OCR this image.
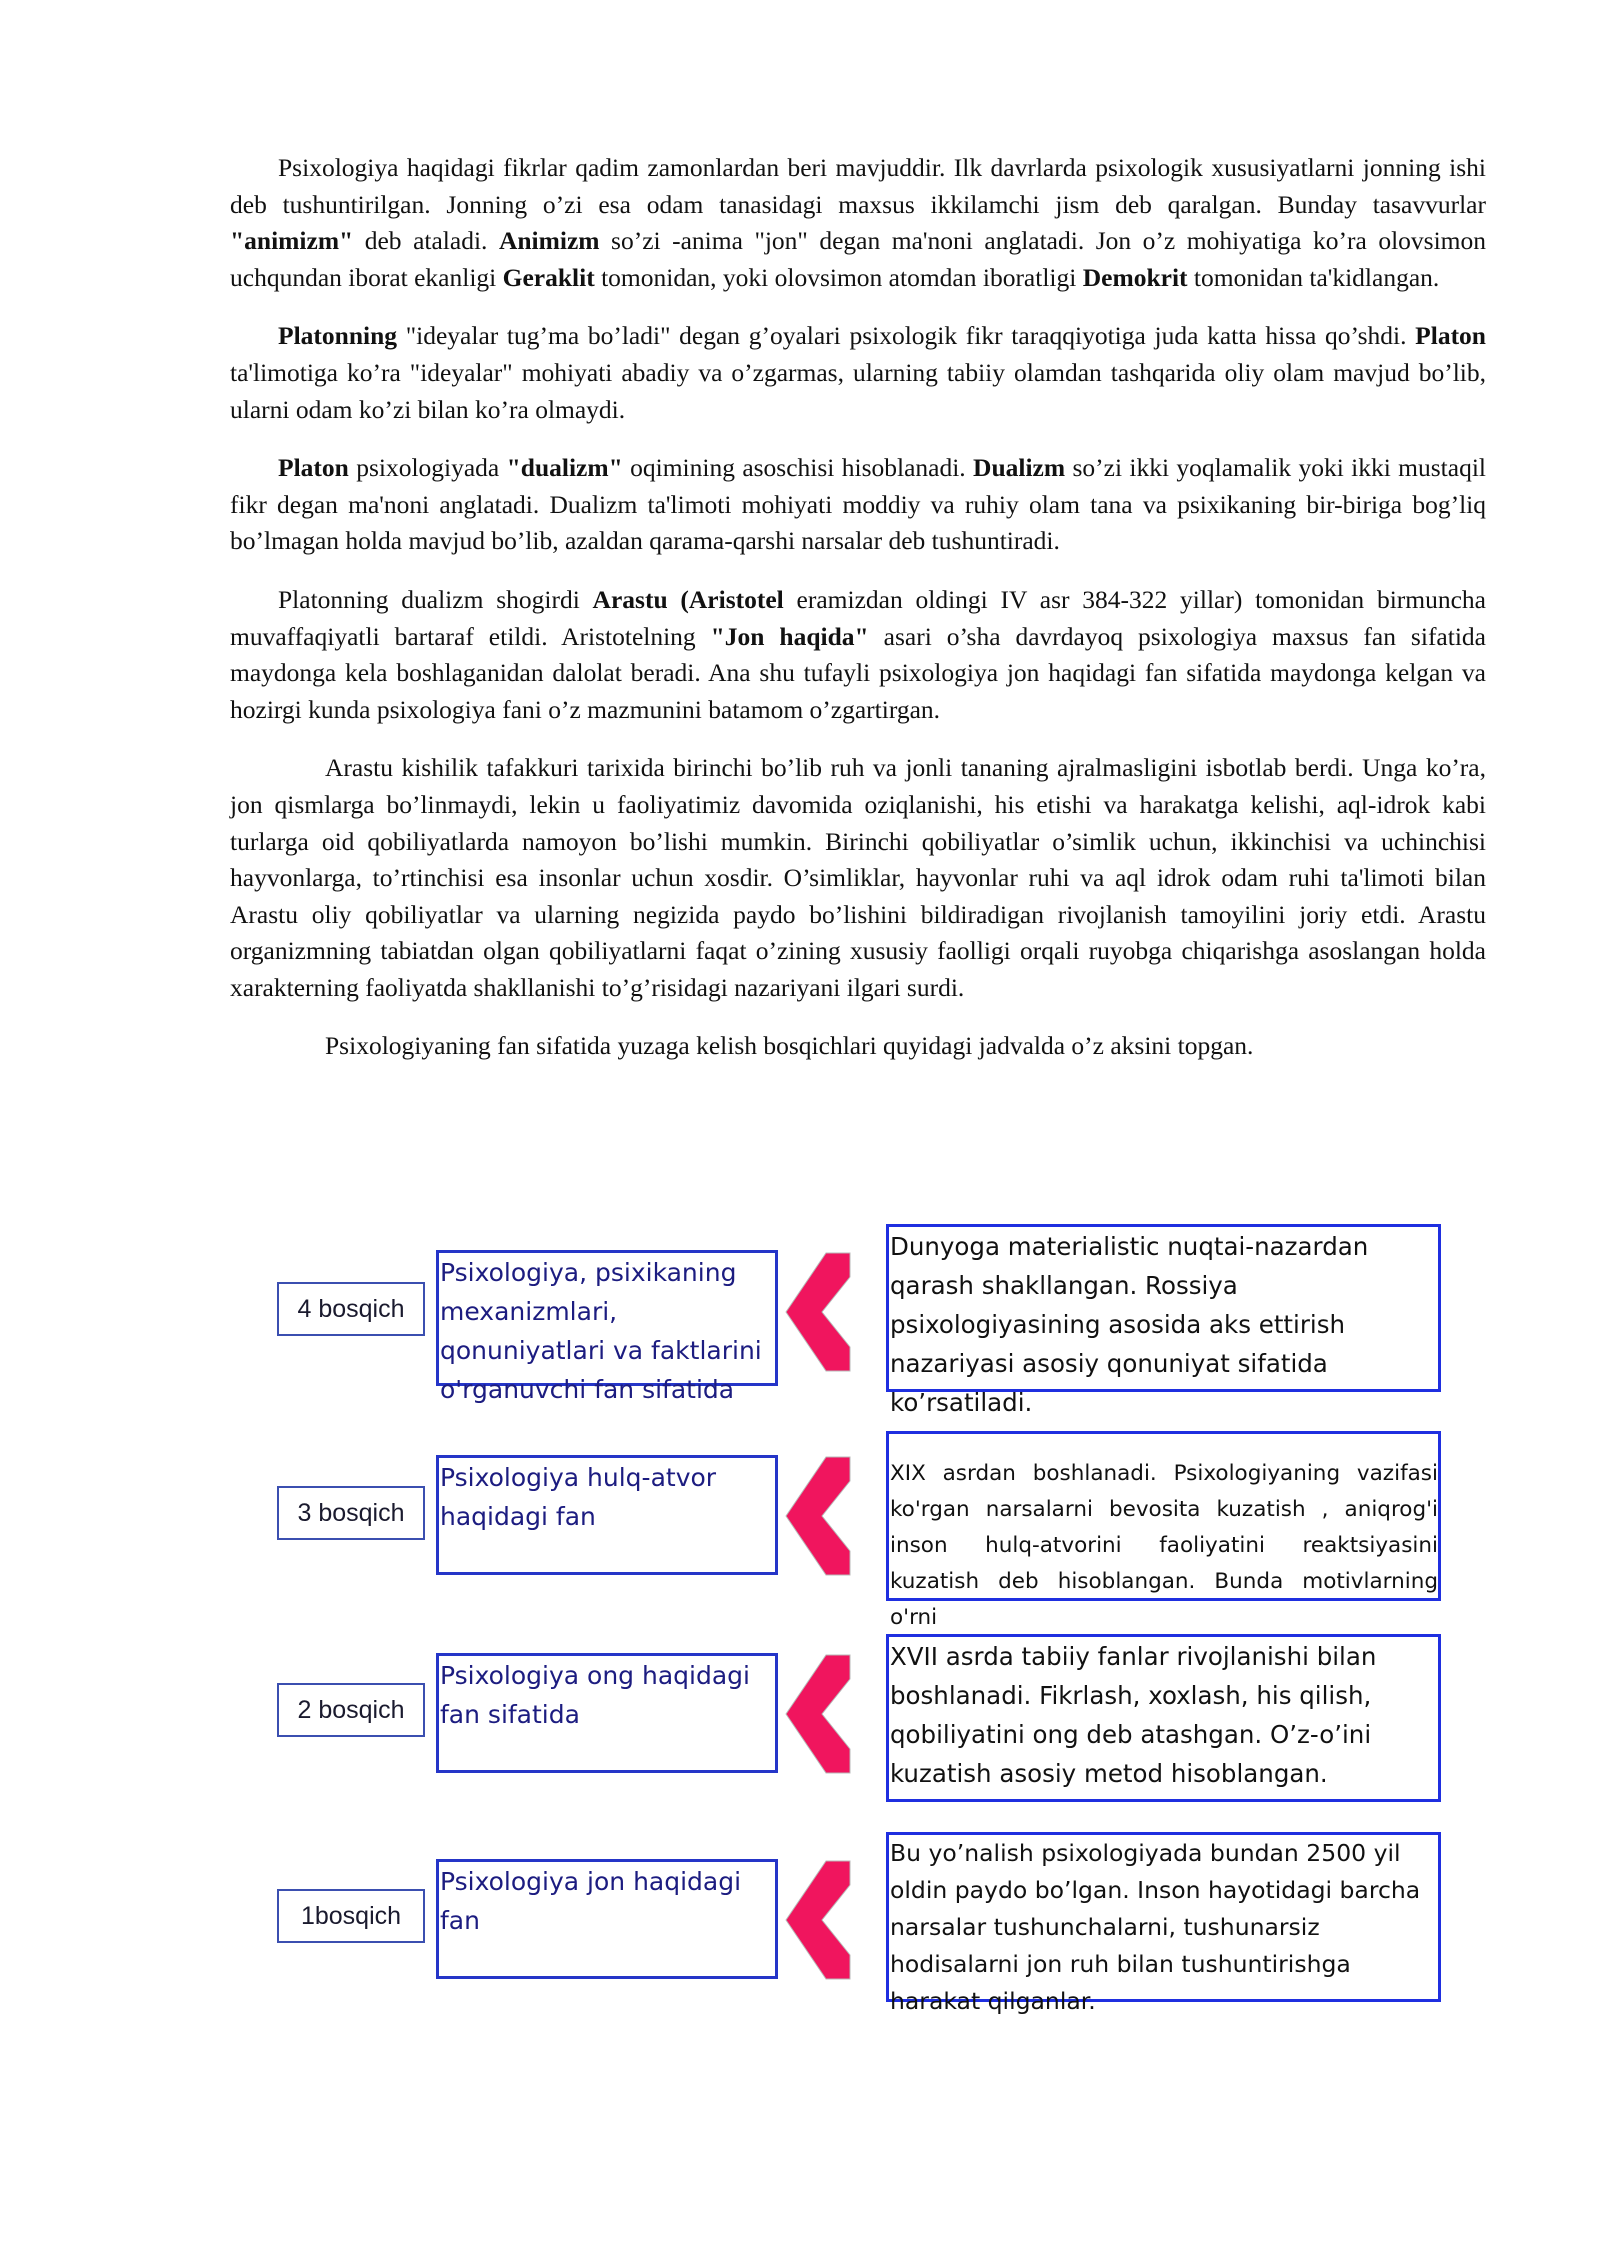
Psixologiya haqidagi fikrlar qadim zamonlardan beri mavjuddir. Ilk davrlarda psixologik xususiyatlarni jonning ishi deb tushuntirilgan. Jonning o’zi esa odam tanasidagi maxsus ikkilamchi jism deb qaralgan. Bunday tasavvurlar "animizm" deb ataladi. Animizm so’zi -anima "jon" degan ma'noni anglatadi. Jon o’z mohiyatiga ko’ra olovsimon uchqundan iborat ekanligi Geraklit tomonidan, yoki olovsimon atomdan iboratligi Demokrit tomonidan ta'kidlangan.

Platonning "ideyalar tug’ma bo’ladi" degan g’oyalari psixologik fikr taraqqiyotiga juda katta hissa qo’shdi. Platon ta'limotiga ko’ra "ideyalar" mohiyati abadiy va o’zgarmas, ularning tabiiy olamdan tashqarida oliy olam mavjud bo’lib, ularni odam ko’zi bilan ko’ra olmaydi.

Platon psixologiyada "dualizm" oqimining asoschisi hisoblanadi. Dualizm so’zi ikki yoqlamalik yoki ikki mustaqil fikr degan ma'noni anglatadi. Dualizm ta'limoti mohiyati moddiy va ruhiy olam tana va psixikaning bir-biriga bog’liq bo’lmagan holda mavjud bo’lib, azaldan qarama-qarshi narsalar deb tushuntiradi.

Platonning dualizm shogirdi Arastu (Aristotel eramizdan oldingi IV asr 384-322 yillar) tomonidan birmuncha muvaffaqiyatli bartaraf etildi. Aristotelning "Jon haqida" asari o’sha davrdayoq psixologiya maxsus fan sifatida maydonga kela boshlaganidan dalolat beradi. Ana shu tufayli psixologiya jon haqidagi fan sifatida maydonga kelgan va hozirgi kunda psixologiya fani o’z mazmunini batamom o’zgartirgan.

Arastu kishilik tafakkuri tarixida birinchi bo’lib ruh va jonli tananing ajralmasligini isbotlab berdi. Unga ko’ra, jon qismlarga bo’linmaydi, lekin u faoliyatimiz davomida oziqlanishi, his etishi va harakatga kelishi, aql-idrok kabi turlarga oid qobiliyatlarda namoyon bo’lishi mumkin. Birinchi qobiliyatlar o’simlik uchun, ikkinchisi va uchinchisi hayvonlarga, to’rtinchisi esa insonlar uchun xosdir. O’simliklar, hayvonlar ruhi va aql idrok odam ruhi ta'limoti bilan Arastu oliy qobiliyatlar va ularning negizida paydo bo’lishini bildiradigan rivojlanish tamoyilini joriy etdi. Arastu organizmning tabiatdan olgan qobiliyatlarni faqat o’zining xususiy faolligi orqali ruyobga chiqarishga asoslangan holda xarakterning faoliyatda shakllanishi to’g’risidagi nazariyani ilgari surdi.

Psixologiyaning fan sifatida yuzaga kelish bosqichlari quyidagi jadvalda o’z aksini topgan.

4 bosqich
Psixologiya, psixikaning mexanizmlari, qonuniyatlari va faktlarini o'rganuvchi fan sifatida
Dunyoga materialistic nuqtai-nazardan qarash shakllangan. Rossiya psixologiyasining asosida aks ettirish nazariyasi asosiy qonuniyat sifatida ko’rsatiladi.
3 bosqich
Psixologiya hulq-atvor haqidagi fan
XIX asrdan boshlanadi. Psixologiyaning vazifasi ko'rgan narsalarni bevosita kuzatish , aniqrog'i inson hulq-atvorini faoliyatini reaktsiyasini kuzatish deb hisoblangan. Bunda motivlarning o'rni
2 bosqich
Psixologiya ong haqidagi fan sifatida
XVII asrda tabiiy fanlar rivojlanishi bilan boshlanadi. Fikrlash, xoxlash, his qilish, qobiliyatini ong deb atashgan. O’z-o’ini kuzatish asosiy metod hisoblangan.
1bosqich
Psixologiya jon haqidagi fan
Bu yo’nalish psixologiyada bundan 2500 yil oldin paydo bo’lgan. Inson hayotidagi barcha narsalar tushunchalarni, tushunarsiz hodisalarni jon ruh bilan tushuntirishga harakat qilganlar.
